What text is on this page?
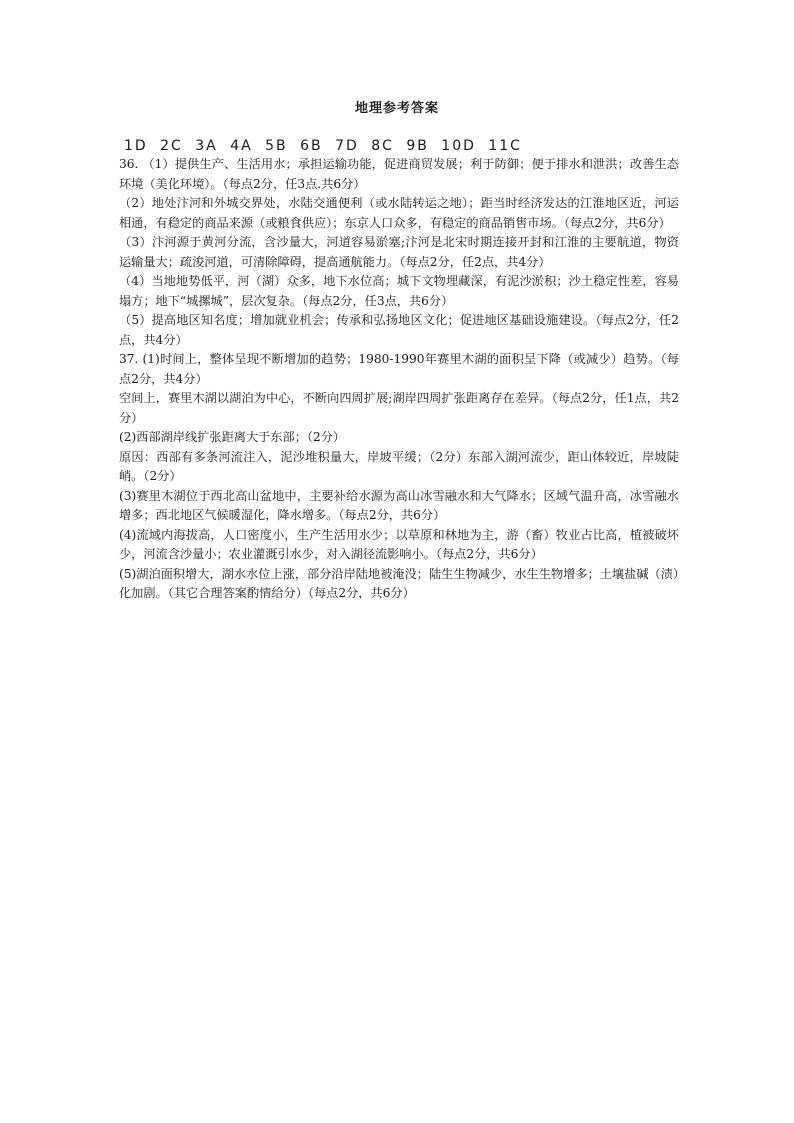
地理参考答案
1D 2C 3A 4A 5B 6B 7D 8C 9B 10D 11C

36. （1）提供生产、生活用水；承担运输功能，促进商贸发展；利于防御；便于排水和泄洪；改善生态环境（美化环境）。（每点2分，任3点.共6分）

（2）地处汴河和外城交界处，水陆交通便利（或水陆转运之地）；距当时经济发达的江淮地区近，河运相通，有稳定的商品来源（或粮食供应）；东京人口众多，有稳定的商品销售市场。（每点2分，共6分）

（3）汴河源于黄河分流，含沙量大，河道容易淤塞;汴河是北宋时期连接开封和江淮的主要航道，物资运输量大；疏浚河道，可清除障碍，提高通航能力。（每点2分，任2点，共4分）

（4）当地地势低平，河（湖）众多，地下水位高；城下文物埋藏深，有泥沙淤积；沙土稳定性差，容易塌方；地下“城摞城”，层次复杂。（每点2分，任3点，共6分）

（5）提高地区知名度；增加就业机会；传承和弘扬地区文化；促进地区基础设施建设。（每点2分，任2点，共4分）

37. (1)时间上，整体呈现不断增加的趋势；1980-1990年赛里木湖的面积呈下降（或减少）趋势。（每点2分，共4分）

空间上，赛里木湖以湖泊为中心，不断向四周扩展;湖岸四周扩张距离存在差异。（每点2分，任1点，共2分）

(2)西部湖岸线扩张距离大于东部；（2分）

原因：西部有多条河流注入，泥沙堆积量大，岸坡平缓；（2分）东部入湖河流少，距山体较近，岸坡陡峭。（2分）

(3)赛里木湖位于西北高山盆地中，主要补给水源为高山冰雪融水和大气降水；区域气温升高，冰雪融水增多；西北地区气候暖湿化，降水增多。（每点2分，共6分）

(4)流域内海拔高，人口密度小，生产生活用水少；以草原和林地为主，游（畜）牧业占比高，植被破坏少，河流含沙量小；农业灌溉引水少，对入湖径流影响小。（每点2分，共6分）

(5)湖泊面积增大，湖水水位上涨，部分沿岸陆地被淹没；陆生生物减少，水生生物增多；土壤盐碱（渍）化加剧。（其它合理答案酌情给分）（每点2分，共6分）
